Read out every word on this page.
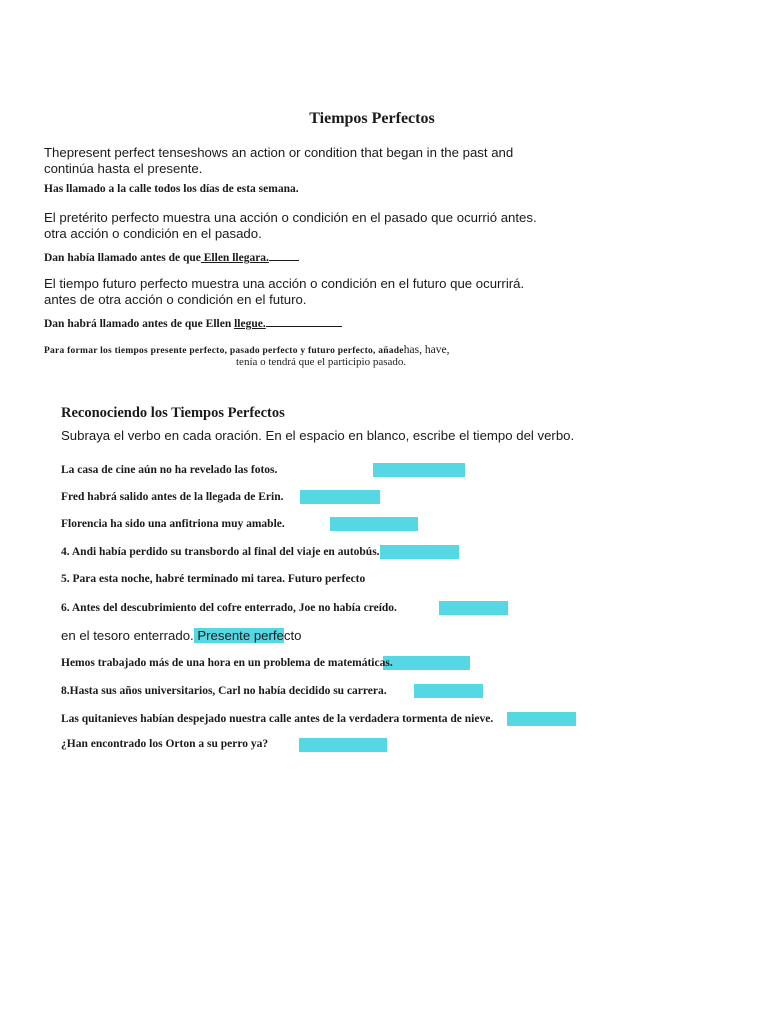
Tiempos Perfectos
Thepresent perfect tenseshows an action or condition that began in the past and
continúa hasta el presente.
Has llamado a la calle todos los días de esta semana.
El pretérito perfecto muestra una acción o condición en el pasado que ocurrió antes.
otra acción o condición en el pasado.
Dan había llamado antes de que Ellen llegara.
El tiempo futuro perfecto muestra una acción o condición en el futuro que ocurrirá.
antes de otra acción o condición en el futuro.
Dan habrá llamado antes de que Ellen llegue.
Para formar los tiempos presente perfecto, pasado perfecto y futuro perfecto, añadehas, have,
tenía o tendrá que el participio pasado.
Reconociendo los Tiempos Perfectos
Subraya el verbo en cada oración. En el espacio en blanco, escribe el tiempo del verbo.
La casa de cine aún no ha revelado las fotos.
Fred habrá salido antes de la llegada de Erin.
Florencia ha sido una anfitriona muy amable.
4. Andi había perdido su transbordo al final del viaje en autobús.
5. Para esta noche, habré terminado mi tarea. Futuro perfecto
6. Antes del descubrimiento del cofre enterrado, Joe no había creído.
en el tesoro enterrado. Presente perfecto
Hemos trabajado más de una hora en un problema de matemáticas.
8.Hasta sus años universitarios, Carl no había decidido su carrera.
Las quitanieves habían despejado nuestra calle antes de la verdadera tormenta de nieve.
¿Han encontrado los Orton a su perro ya?
